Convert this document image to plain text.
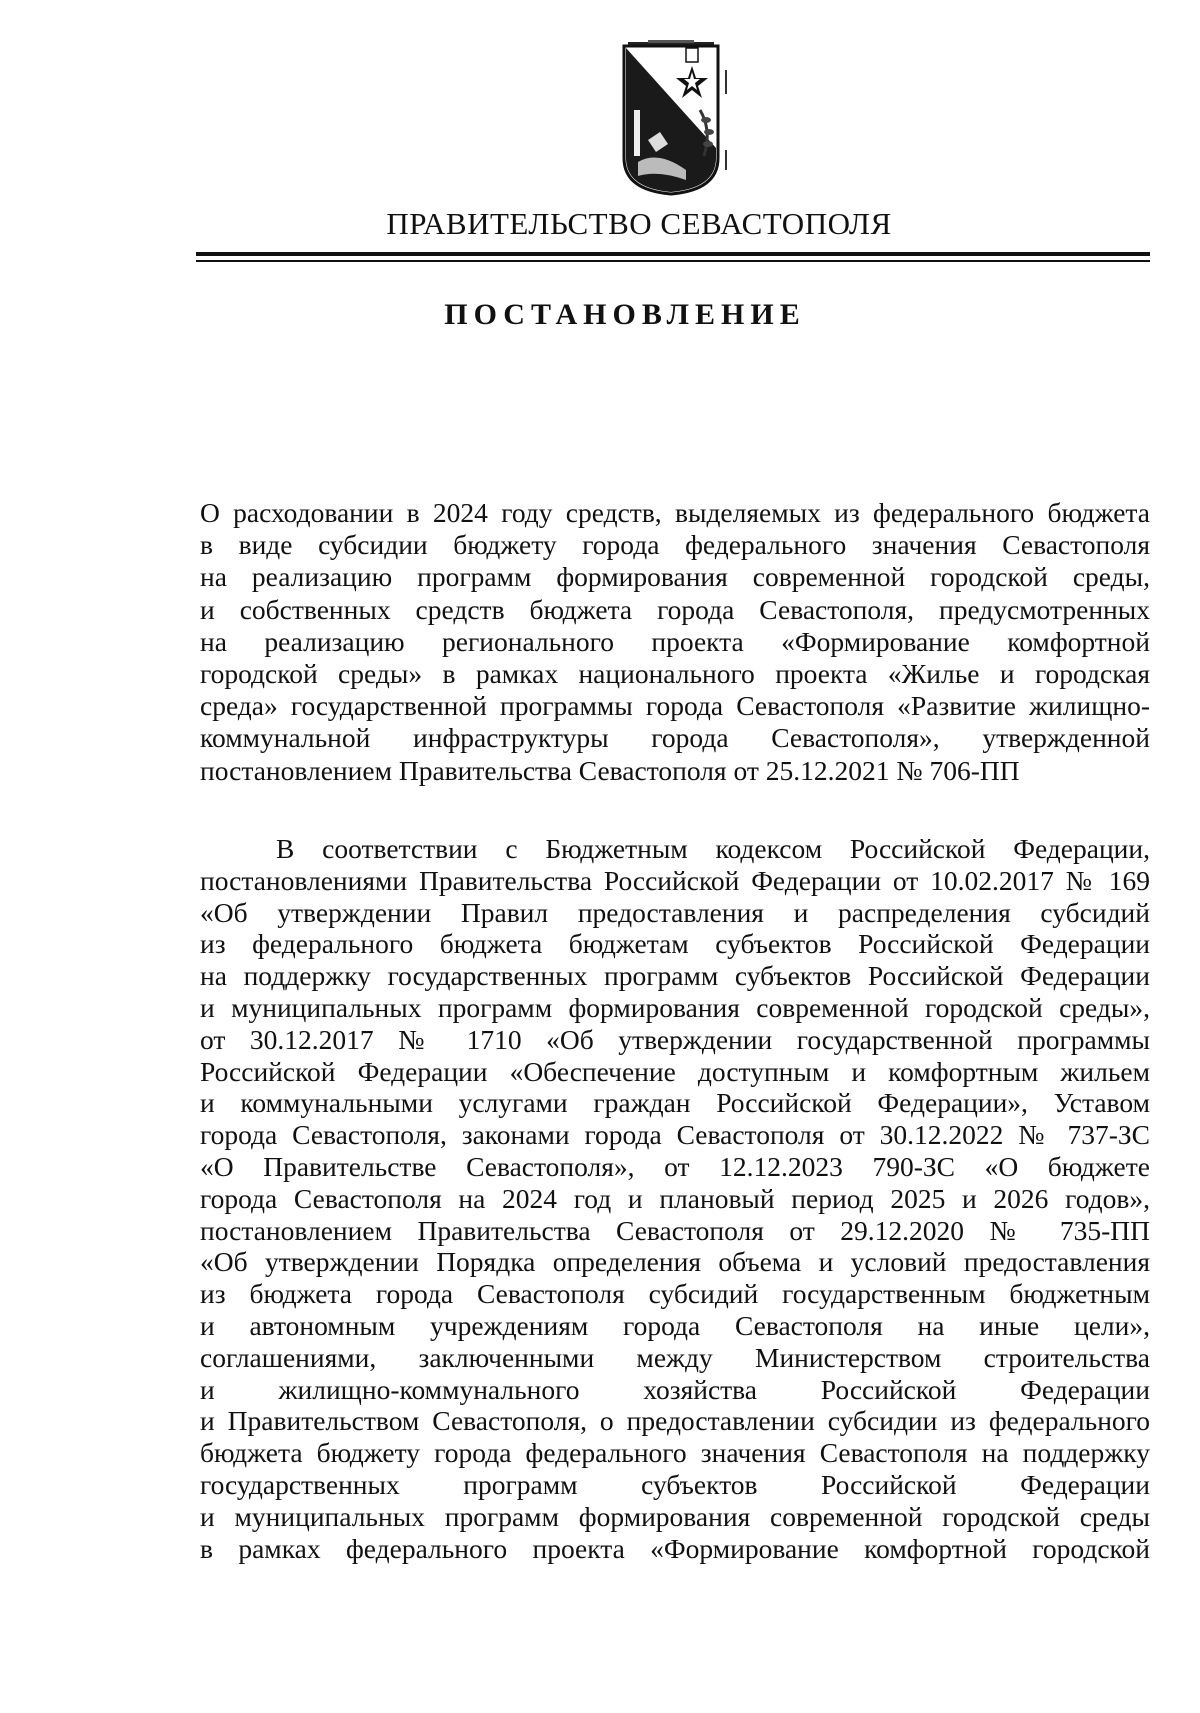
ПРАВИТЕЛЬСТВО СЕВАСТОПОЛЯ
ПОСТАНОВЛЕНИЕ
О расходовании в 2024 году средств, выделяемых из федерального бюджета
в виде субсидии бюджету города федерального значения Севастополя
на реализацию программ формирования современной городской среды,
и собственных средств бюджета города Севастополя, предусмотренных
на реализацию регионального проекта «Формирование комфортной
городской среды» в рамках национального проекта «Жилье и городская
среда» государственной программы города Севастополя «Развитие жилищно-
коммунальной инфраструктуры города Севастополя», утвержденной
постановлением Правительства Севастополя от 25.12.2021 № 706-ПП
В соответствии с Бюджетным кодексом Российской Федерации,
постановлениями Правительства Российской Федерации от 10.02.2017 № 169
«Об утверждении Правил предоставления и распределения субсидий
из федерального бюджета бюджетам субъектов Российской Федерации
на поддержку государственных программ субъектов Российской Федерации
и муниципальных программ формирования современной городской среды»,
от 30.12.2017 № 1710 «Об утверждении государственной программы
Российской Федерации «Обеспечение доступным и комфортным жильем
и коммунальными услугами граждан Российской Федерации», Уставом
города Севастополя, законами города Севастополя от 30.12.2022 № 737-ЗС
«О Правительстве Севастополя», от 12.12.2023 790-ЗС «О бюджете
города Севастополя на 2024 год и плановый период 2025 и 2026 годов»,
постановлением Правительства Севастополя от 29.12.2020 № 735-ПП
«Об утверждении Порядка определения объема и условий предоставления
из бюджета города Севастополя субсидий государственным бюджетным
и автономным учреждениям города Севастополя на иные цели»,
соглашениями, заключенными между Министерством строительства
и жилищно-коммунального хозяйства Российской Федерации
и Правительством Севастополя, о предоставлении субсидии из федерального
бюджета бюджету города федерального значения Севастополя на поддержку
государственных программ субъектов Российской Федерации
и муниципальных программ формирования современной городской среды
в рамках федерального проекта «Формирование комфортной городской
